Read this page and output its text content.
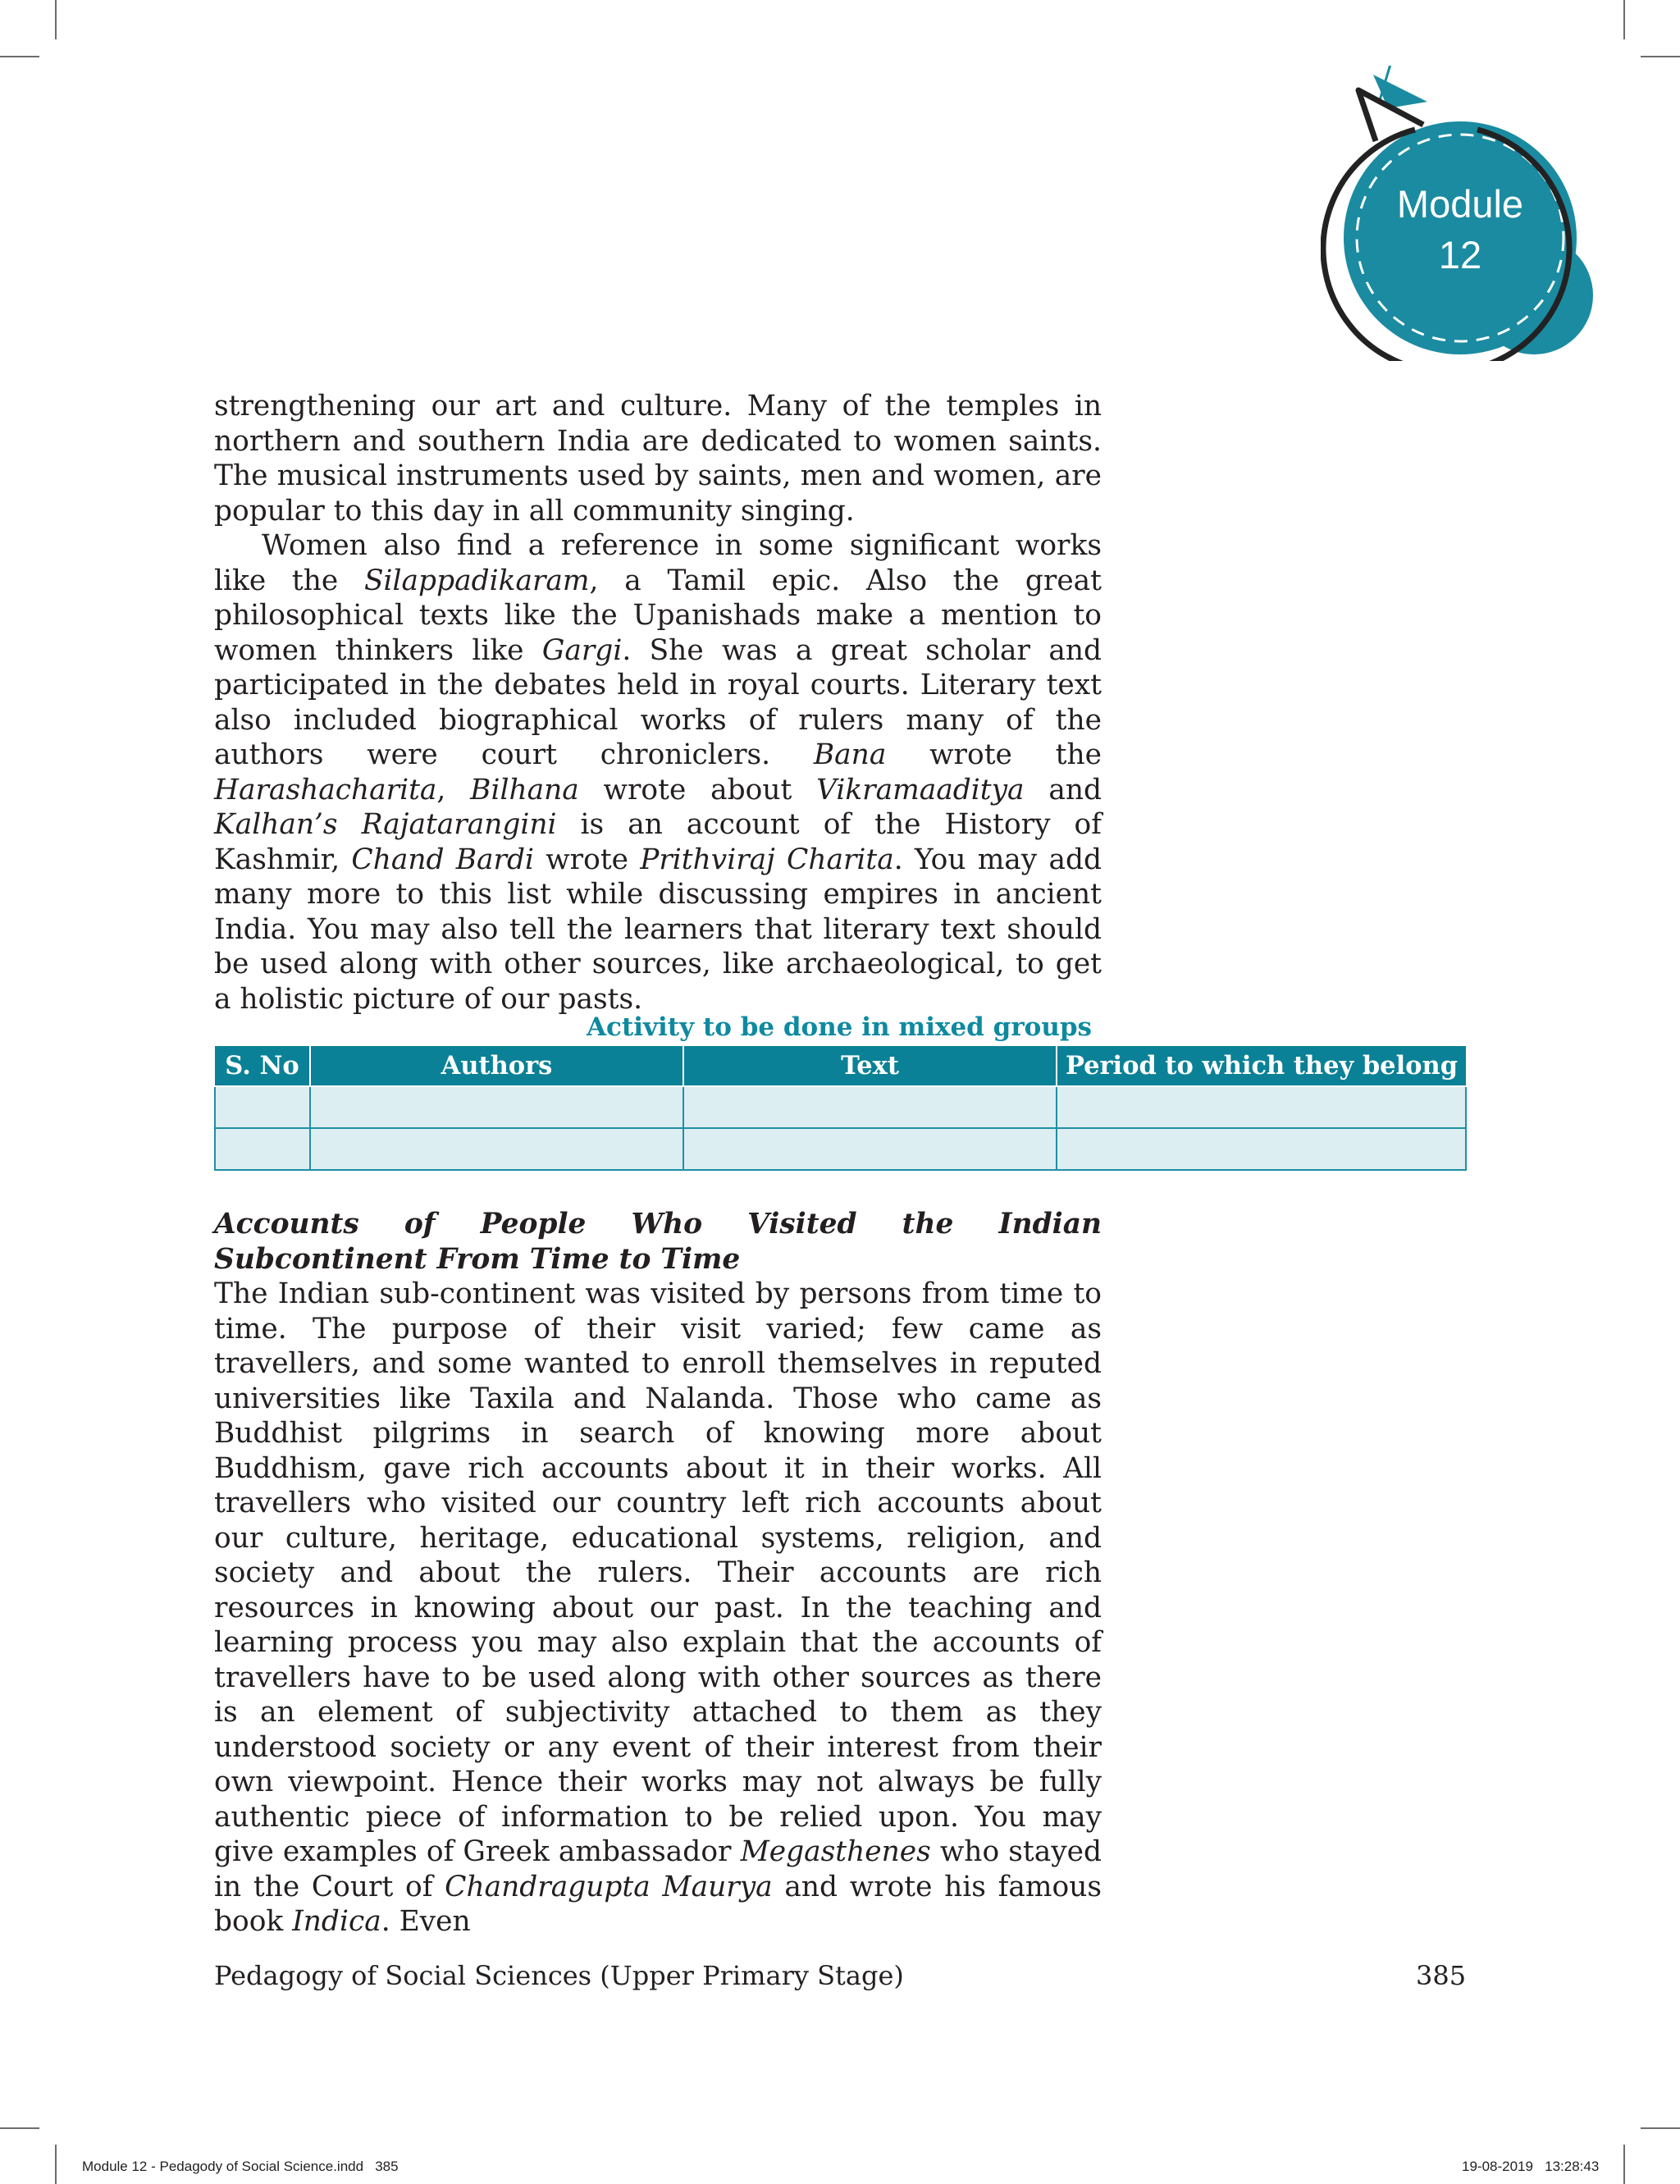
Module
12

strengthening our art and culture. Many of the temples in northern and southern India are dedicated to women saints. The musical instruments used by saints, men and women, are popular to this day in all community singing.

Women also find a reference in some significant works like the Silappadikaram, a Tamil epic. Also the great philosophical texts like the Upanishads make a mention to women thinkers like Gargi. She was a great scholar and participated in the debates held in royal courts. Literary text also included biographical works of rulers many of the authors were court chroniclers. Bana wrote the Harashacharita, Bilhana wrote about Vikramaaditya and Kalhan’s Rajatarangini is an account of the History of Kashmir, Chand Bardi wrote Prithviraj Charita. You may add many more to this list while discussing empires in ancient India. You may also tell the learners that literary text should be used along with other sources, like archaeological, to get a holistic picture of our pasts.

Activity to be done in mixed groups
S. No	Authors	Text	Period to which they belong

Accounts of People Who Visited the Indian Subcontinent From Time to Time

The Indian sub-continent was visited by persons from time to time. The purpose of their visit varied; few came as travellers, and some wanted to enroll themselves in reputed universities like Taxila and Nalanda. Those who came as Buddhist pilgrims in search of knowing more about Buddhism, gave rich accounts about it in their works. All travellers who visited our country left rich accounts about our culture, heritage, educational systems, religion, and society and about the rulers. Their accounts are rich resources in knowing about our past. In the teaching and learning process you may also explain that the accounts of travellers have to be used along with other sources as there is an element of subjectivity attached to them as they understood society or any event of their interest from their own viewpoint. Hence their works may not always be fully authentic piece of information to be relied upon. You may give examples of Greek ambassador Megasthenes who stayed in the Court of Chandragupta Maurya and wrote his famous book Indica. Even

Pedagogy of Social Sciences (Upper Primary Stage)	385
Module 12 - Pedagody of Social Science.indd   385	19-08-2019   13:28:43
